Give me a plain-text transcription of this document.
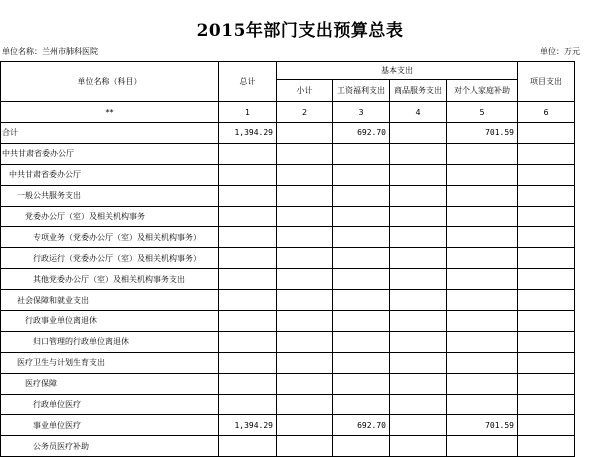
2015年部门支出预算总表
单位名称：兰州市肺科医院	单位：万元
单位名称（科目）	总计	基本支出				项目支出
		小计	工资福利支出	商品服务支出	对个人家庭补助	
**	1	2	3	4	5	6
合计	1,394.29		692.70		701.59	
中共甘肃省委办公厅						
中共甘肃省委办公厅						
一般公共服务支出						
党委办公厅（室）及相关机构事务						
专项业务（党委办公厅（室）及相关机构事务）						
行政运行（党委办公厅（室）及相关机构事务）						
其他党委办公厅（室）及相关机构事务支出						
社会保障和就业支出						
行政事业单位离退休						
归口管理的行政单位离退休						
医疗卫生与计划生育支出						
医疗保障						
行政单位医疗						
事业单位医疗	1,394.29		692.70		701.59	
公务员医疗补助						
